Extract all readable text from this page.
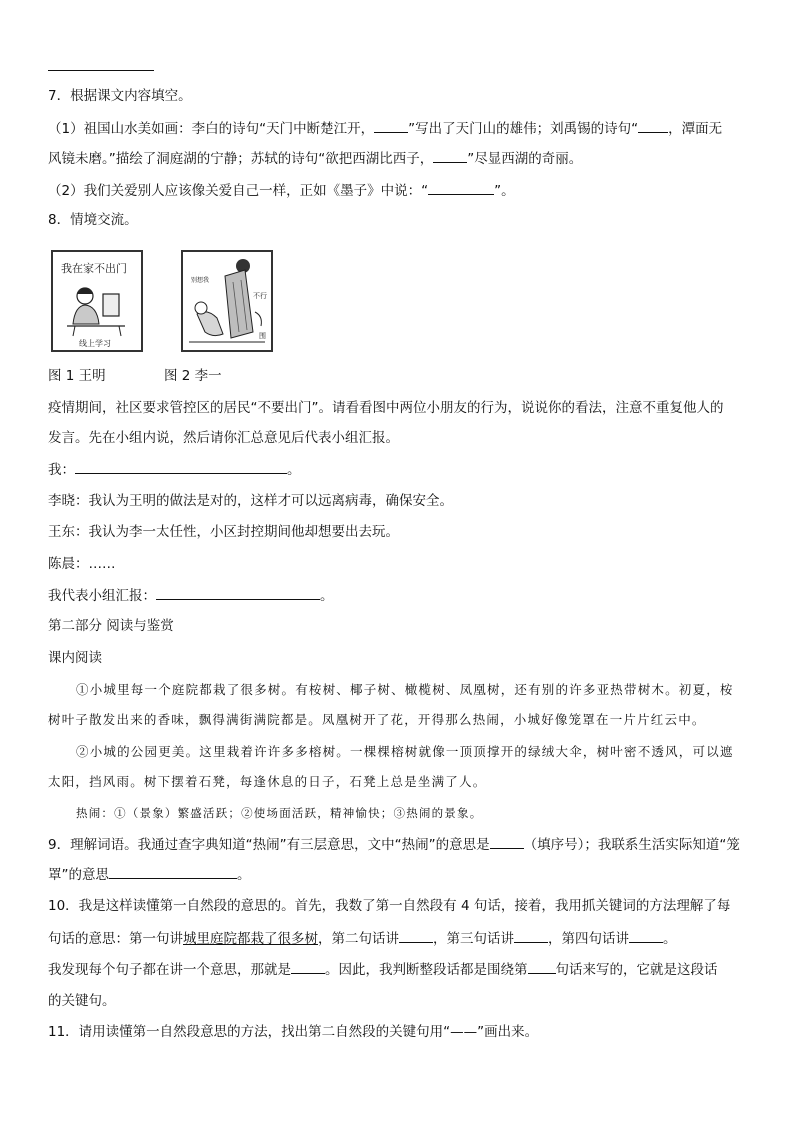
7．根据课文内容填空。
（1）祖国山水美如画：李白的诗句“天门中断楚江开，	”写出了天门山的雄伟；刘禹锡的诗句“ ，潭面无
风镜未磨。”描绘了洞庭湖的宁静；苏轼的诗句“欲把西湖比西子，	”尽显西湖的奇丽。
（2）我们关爱别人应该像关爱自己一样，正如《墨子》中说：“	”。
8．情境交流。
我在家不出门
线上学习
别想我
不行
围
图 1 王明	图 2 李一
疫情期间，社区要求管控区的居民“不要出门”。请看看图中两位小朋友的行为，说说你的看法，注意不重复他人的
发言。先在小组内说，然后请你汇总意见后代表小组汇报。
我：	。
李晓：我认为王明的做法是对的，这样才可以远离病毒，确保安全。
王东：我认为李一太任性，小区封控期间他却想要出去玩。
陈晨：……
我代表小组汇报：	。
第二部分 阅读与鉴赏
课内阅读
①小城里每一个庭院都栽了很多树。有桉树、椰子树、橄榄树、凤凰树，还有别的许多亚热带树木。初夏，桉
树叶子散发出来的香味，飘得满街满院都是。凤凰树开了花，开得那么热闹，小城好像笼罩在一片片红云中。
②小城的公园更美。这里栽着许许多多榕树。一棵棵榕树就像一顶顶撑开的绿绒大伞，树叶密不透风，可以遮
太阳，挡风雨。树下摆着石凳，每逢休息的日子，石凳上总是坐满了人。
热闹：①（景象）繁盛活跃；②使场面活跃，精神愉快；③热闹的景象。
9．理解词语。我通过查字典知道“热闹”有三层意思，文中“热闹”的意思是	（填序号）；我联系生活实际知道“笼
罩”的意思	。
10．我是这样读懂第一自然段的意思的。首先，我数了第一自然段有 4 句话，接着，我用抓关键词的方法理解了每
句话的意思：第一句讲城里庭院都栽了很多树，第二句话讲	，第三句话讲	，第四句话讲	。
我发现每个句子都在讲一个意思，那就是	。因此，我判断整段话都是围绕第 句话来写的，它就是这段话
的关键句。
11．请用读懂第一自然段意思的方法，找出第二自然段的关键句用“——”画出来。
